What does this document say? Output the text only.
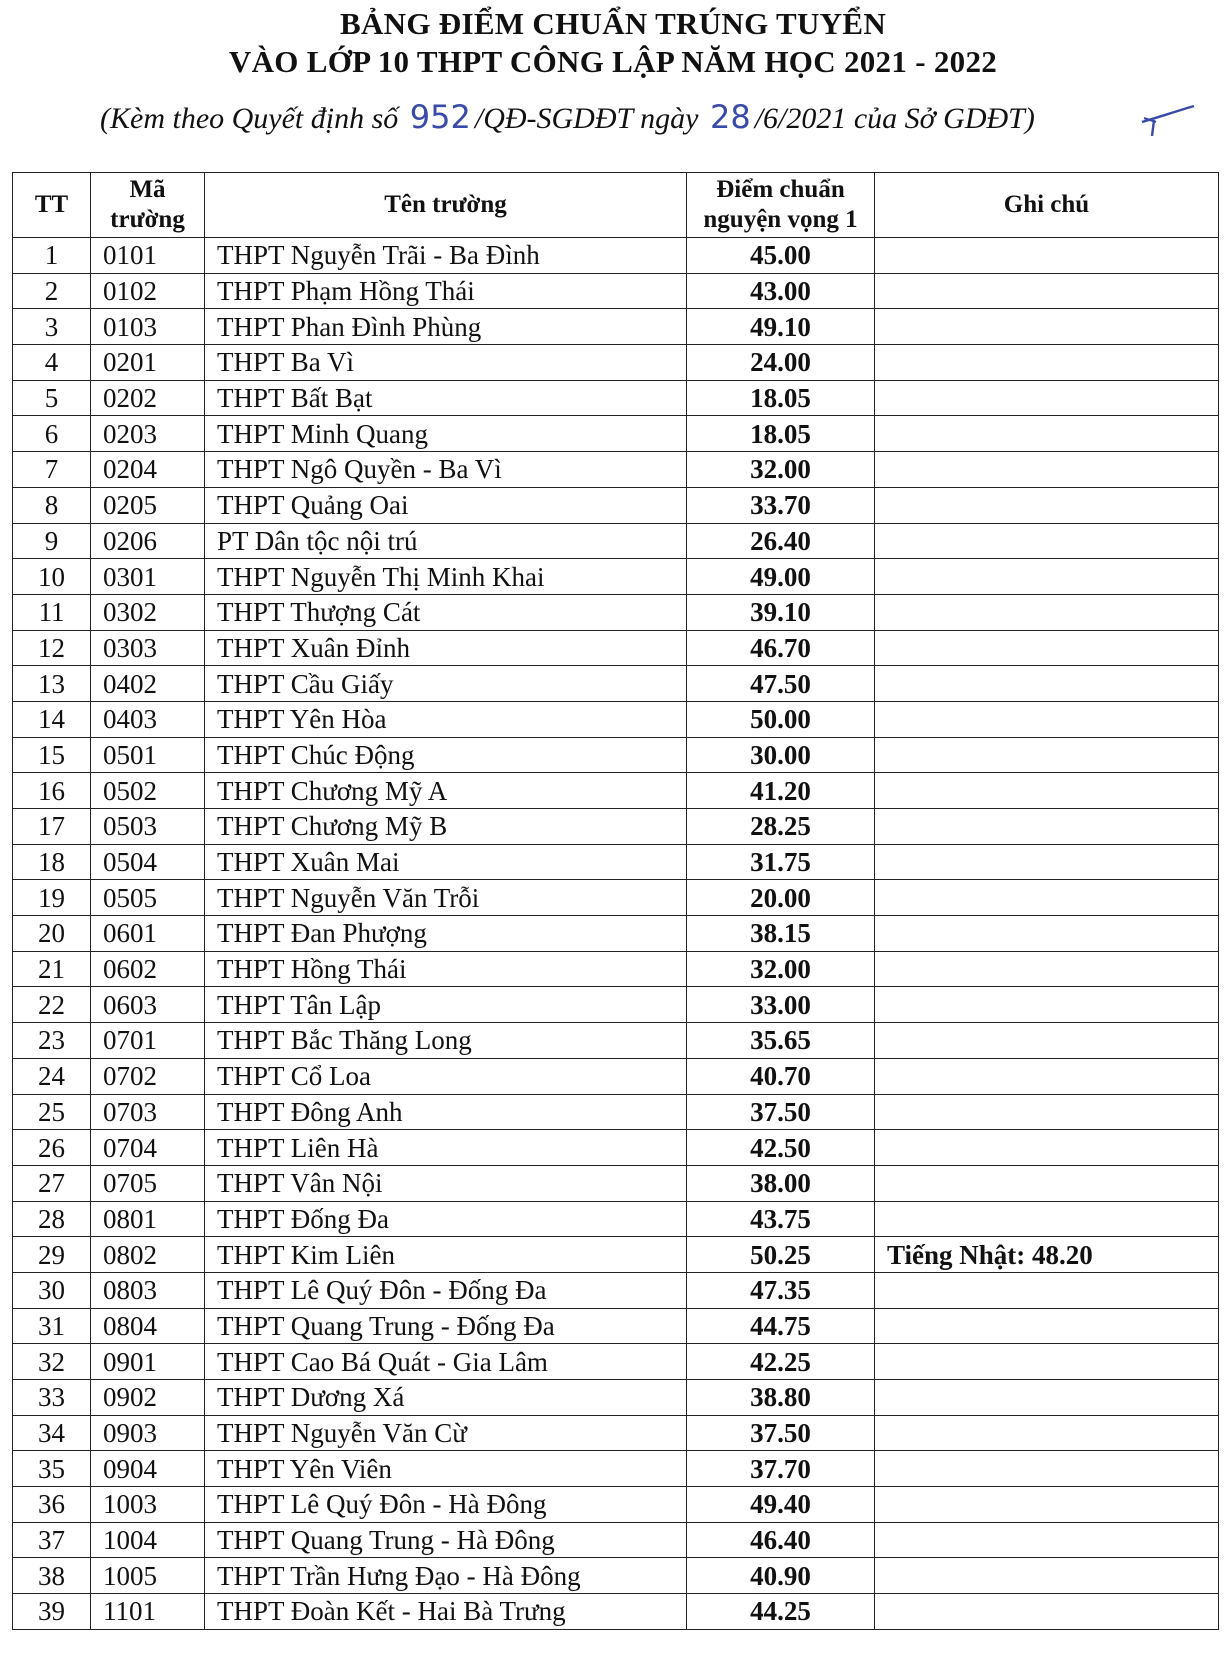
BẢNG ĐIỂM CHUẨN TRÚNG TUYỂN
VÀO LỚP 10 THPT CÔNG LẬP NĂM HỌC 2021 - 2022
(Kèm theo Quyết định số 952 /QĐ-SGDĐT ngày 28 /6/2021 của Sở GDĐT)
TT	Mã trường	Tên trường	Điểm chuẩn nguyện vọng 1	Ghi chú
1	0101	THPT Nguyễn Trãi - Ba Đình	45.00	
2	0102	THPT Phạm Hồng Thái	43.00	
3	0103	THPT Phan Đình Phùng	49.10	
4	0201	THPT Ba Vì	24.00	
5	0202	THPT Bất Bạt	18.05	
6	0203	THPT Minh Quang	18.05	
7	0204	THPT Ngô Quyền - Ba Vì	32.00	
8	0205	THPT Quảng Oai	33.70	
9	0206	PT Dân tộc nội trú	26.40	
10	0301	THPT Nguyễn Thị Minh Khai	49.00	
11	0302	THPT Thượng Cát	39.10	
12	0303	THPT Xuân Đỉnh	46.70	
13	0402	THPT Cầu Giấy	47.50	
14	0403	THPT Yên Hòa	50.00	
15	0501	THPT Chúc Động	30.00	
16	0502	THPT Chương Mỹ A	41.20	
17	0503	THPT Chương Mỹ B	28.25	
18	0504	THPT Xuân Mai	31.75	
19	0505	THPT Nguyễn Văn Trỗi	20.00	
20	0601	THPT Đan Phượng	38.15	
21	0602	THPT Hồng Thái	32.00	
22	0603	THPT Tân Lập	33.00	
23	0701	THPT Bắc Thăng Long	35.65	
24	0702	THPT Cổ Loa	40.70	
25	0703	THPT Đông Anh	37.50	
26	0704	THPT Liên Hà	42.50	
27	0705	THPT Vân Nội	38.00	
28	0801	THPT Đống Đa	43.75	
29	0802	THPT Kim Liên	50.25	Tiếng Nhật: 48.20
30	0803	THPT Lê Quý Đôn - Đống Đa	47.35	
31	0804	THPT Quang Trung - Đống Đa	44.75	
32	0901	THPT Cao Bá Quát - Gia Lâm	42.25	
33	0902	THPT Dương Xá	38.80	
34	0903	THPT Nguyễn Văn Cừ	37.50	
35	0904	THPT Yên Viên	37.70	
36	1003	THPT Lê Quý Đôn - Hà Đông	49.40	
37	1004	THPT Quang Trung - Hà Đông	46.40	
38	1005	THPT Trần Hưng Đạo - Hà Đông	40.90	
39	1101	THPT Đoàn Kết - Hai Bà Trưng	44.25	
